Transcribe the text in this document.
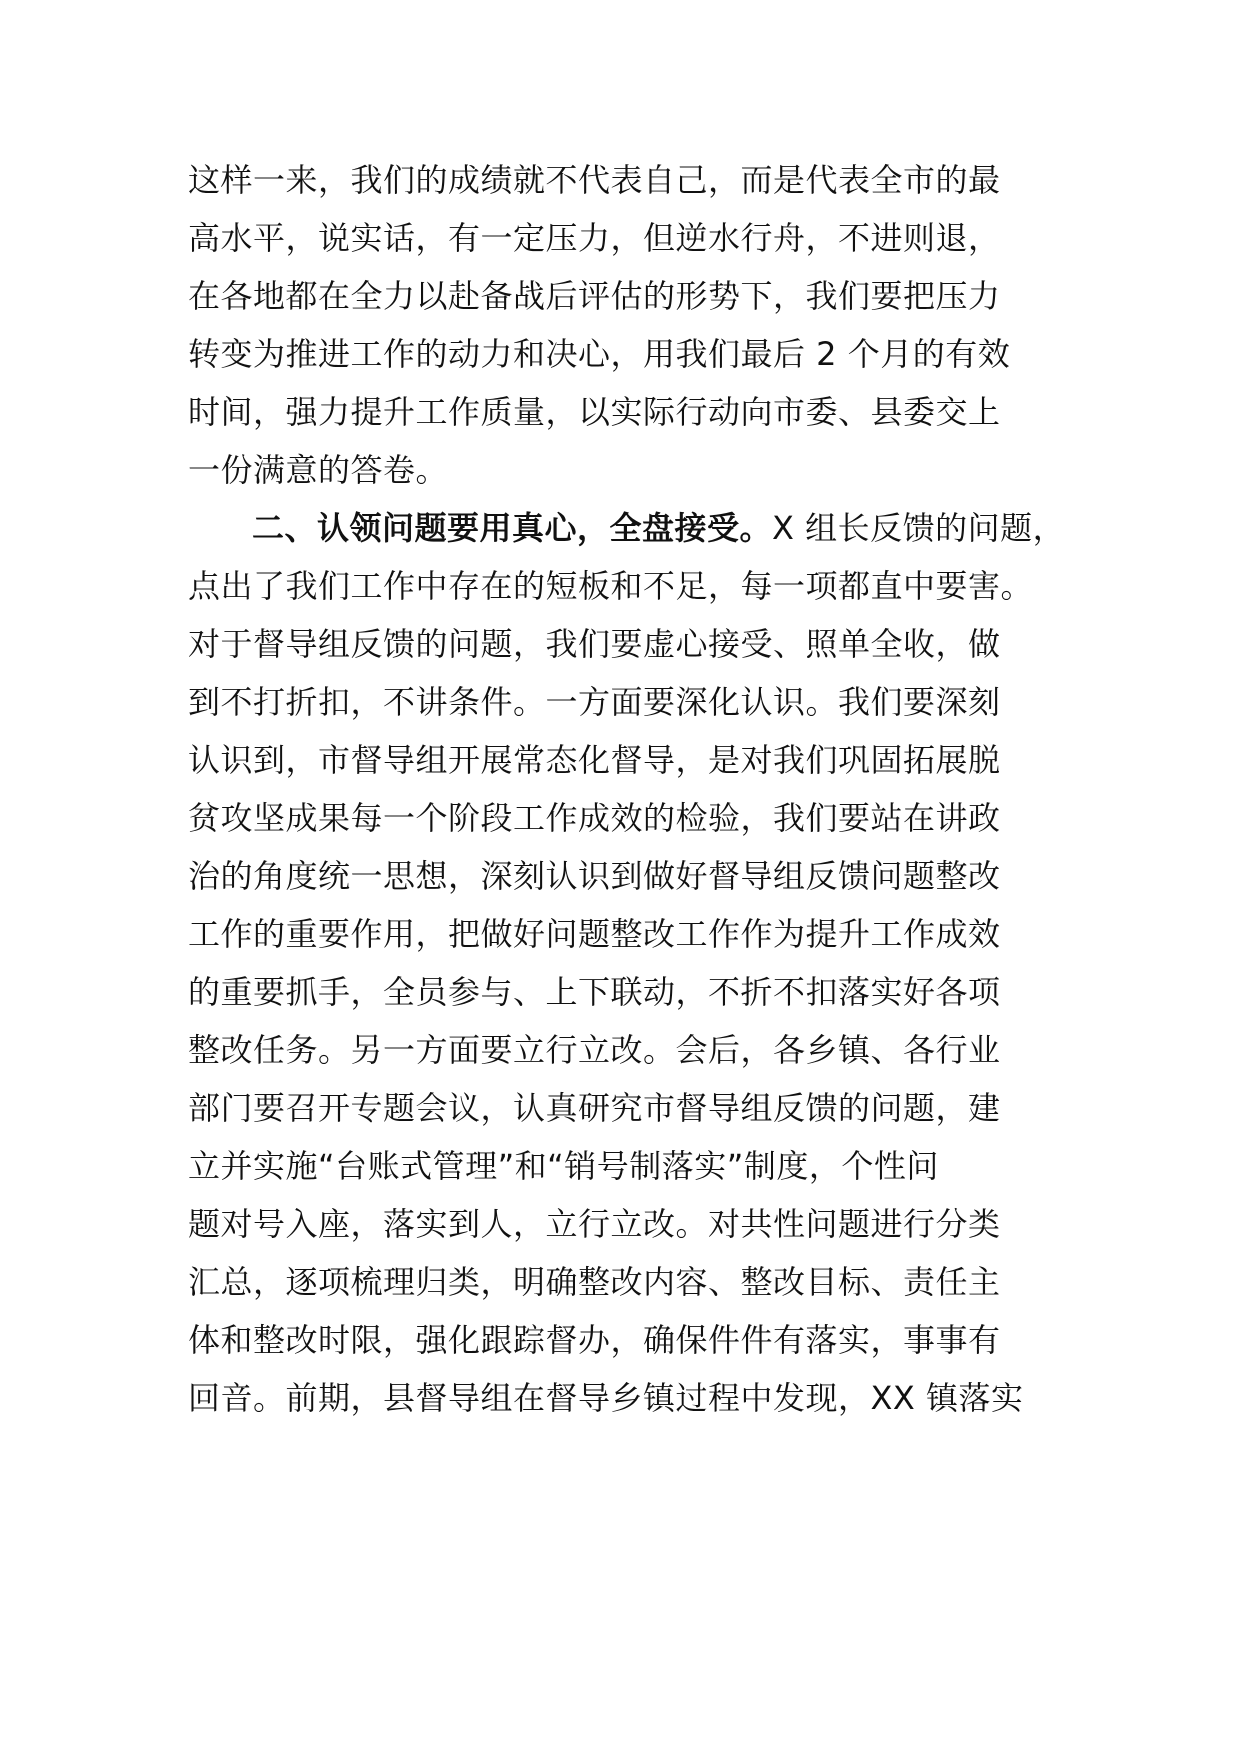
这样一来，我们的成绩就不代表自己，而是代表全市的最
高水平，说实话，有一定压力，但逆水行舟，不进则退，
在各地都在全力以赴备战后评估的形势下，我们要把压力
转变为推进工作的动力和决心，用我们最后 2 个月的有效
时间，强力提升工作质量，以实际行动向市委、县委交上
一份满意的答卷。
二、认领问题要用真心，全盘接受。X 组长反馈的问题，
点出了我们工作中存在的短板和不足，每一项都直中要害。
对于督导组反馈的问题，我们要虚心接受、照单全收，做
到不打折扣，不讲条件。一方面要深化认识。我们要深刻
认识到，市督导组开展常态化督导，是对我们巩固拓展脱
贫攻坚成果每一个阶段工作成效的检验，我们要站在讲政
治的角度统一思想，深刻认识到做好督导组反馈问题整改
工作的重要作用，把做好问题整改工作作为提升工作成效
的重要抓手，全员参与、上下联动，不折不扣落实好各项
整改任务。另一方面要立行立改。会后，各乡镇、各行业
部门要召开专题会议，认真研究市督导组反馈的问题，建
立并实施“台账式管理”和“销号制落实”制度，个性问
题对号入座，落实到人，立行立改。对共性问题进行分类
汇总，逐项梳理归类，明确整改内容、整改目标、责任主
体和整改时限，强化跟踪督办，确保件件有落实，事事有
回音。前期，县督导组在督导乡镇过程中发现，XX 镇落实
